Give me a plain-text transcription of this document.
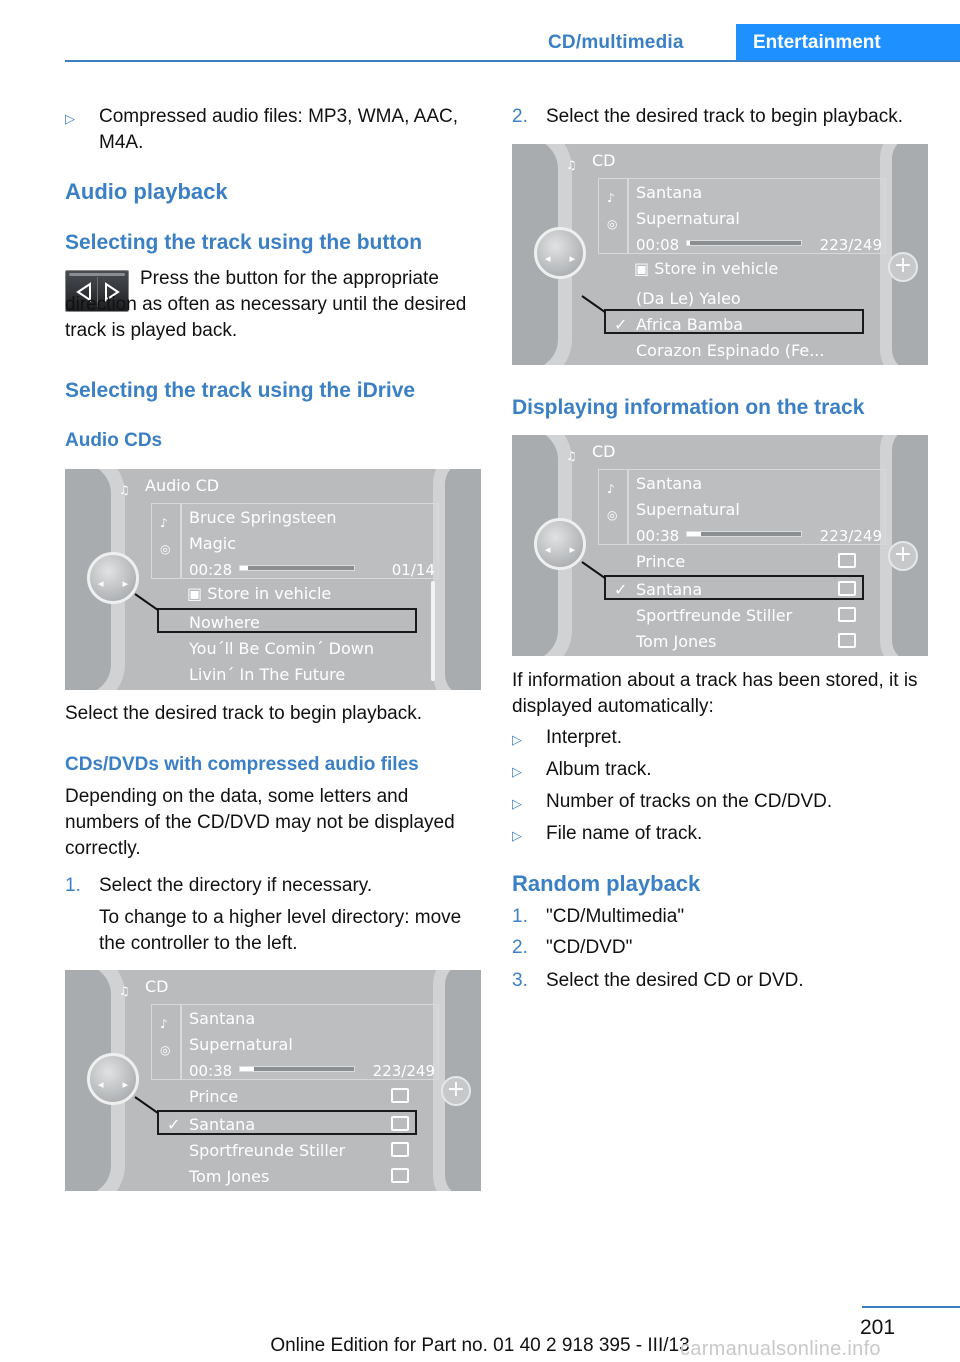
CD/multimedia	Entertainment
▷ Compressed audio files: MP3, WMA, AAC, M4A.
Audio playback
Selecting the track using the button
Press the button for the appropriate direction as often as necessary until the desired track is played back.
Selecting the track using the iDrive
Audio CDs
♫ Audio CD
♪
◎
Bruce Springsteen
Magic
00:28	01/14
▣ Store in vehicle
Nowhere
You´ll Be Comin´ Down
Livin´ In The Future
◂ ▸
Select the desired track to begin playback.
CDs/DVDs with compressed audio files
Depending on the data, some letters and numbers of the CD/DVD may not be displayed correctly.
1. Select the directory if necessary.
To change to a higher level directory: move the controller to the left.
+
♫ CD
♪
◎
Santana
Supernatural
00:38	223/249
Prince
✓ Santana
Sportfreunde Stiller
Tom Jones
◂ ▸
2. Select the desired track to begin playback.
+
♫ CD
♪
◎
Santana
Supernatural
00:08	223/249
▣ Store in vehicle
(Da Le) Yaleo
✓ Africa Bamba
Corazon Espinado (Fe...
◂ ▸
Displaying information on the track
+
♫ CD
♪
◎
Santana
Supernatural
00:38	223/249
Prince
✓ Santana
Sportfreunde Stiller
Tom Jones
◂ ▸
If information about a track has been stored, it is displayed automatically:
▷ Interpret.
▷ Album track.
▷ Number of tracks on the CD/DVD.
▷ File name of track.
Random playback
1. "CD/Multimedia"
2. "CD/DVD"
3. Select the desired CD or DVD.
201
Online Edition for Part no. 01 40 2 918 395 - III/13
carmanualsonline.info
